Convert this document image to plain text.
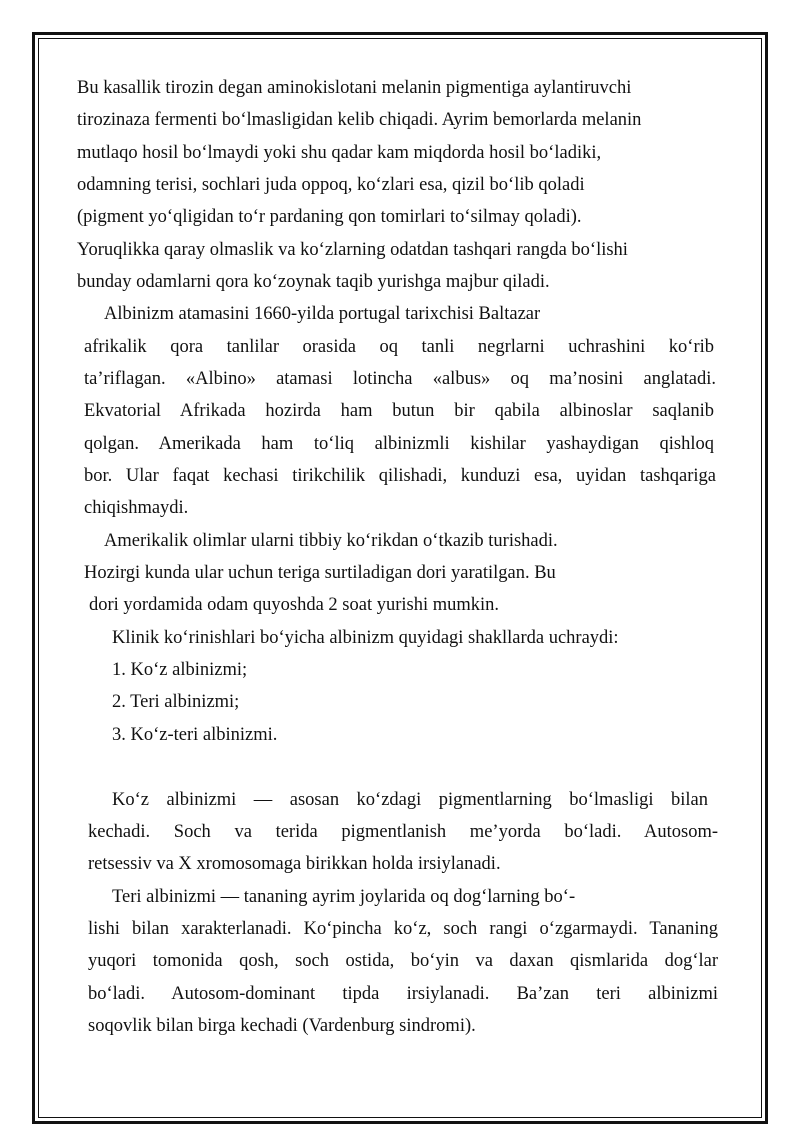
Bu kasallik tirozin degan aminokislotani melanin pigmentiga aylantiruvchi
tirozinaza fermenti bo‘lmasligidan kelib chiqadi. Ayrim bemorlarda melanin
mutlaqo hosil bo‘lmaydi yoki shu qadar kam miqdorda hosil bo‘ladiki,
odamning terisi, sochlari juda oppoq, ko‘zlari esa, qizil bo‘lib qoladi
(pigment yo‘qligidan to‘r pardaning qon tomirlari to‘silmay qoladi).
Yoruqlikka qaray olmaslik va ko‘zlarning odatdan tashqari rangda bo‘lishi
bunday odamlarni qora ko‘zoynak taqib yurishga majbur qiladi.
Albinizm atamasini 1660-yilda portugal tarixchisi Baltazar
afrikalik qora tanlilar orasida oq tanli negrlarni uchrashini ko‘rib
ta’riflagan. «Albino» atamasi lotincha «albus» oq ma’nosini anglatadi.
Ekvatorial Afrikada hozirda ham butun bir qabila albinoslar saqlanib
qolgan. Amerikada ham to‘liq albinizmli kishilar yashaydigan qishloq
bor. Ular faqat kechasi tirikchilik qilishadi, kunduzi esa, uyidan tashqariga
chiqishmaydi.
Amerikalik olimlar ularni tibbiy ko‘rikdan o‘tkazib turishadi.
Hozirgi kunda ular uchun teriga surtiladigan dori yaratilgan. Bu
dori yordamida odam quyoshda 2 soat yurishi mumkin.
Klinik ko‘rinishlari bo‘yicha albinizm quyidagi shakllarda uchraydi:
1. Ko‘z albinizmi;
2. Teri albinizmi;
3. Ko‘z-teri albinizmi.
Ko‘z albinizmi — asosan ko‘zdagi pigmentlarning bo‘lmasligi bilan
kechadi. Soch va terida pigmentlanish me’yorda bo‘ladi. Autosom-
retsessiv va X xromosomaga birikkan holda irsiylanadi.
Teri albinizmi — tananing ayrim joylarida oq dog‘larning bo‘-
lishi bilan xarakterlanadi. Ko‘pincha ko‘z, soch rangi o‘zgarmaydi. Tananing
yuqori tomonida qosh, soch ostida, bo‘yin va daxan qismlarida dog‘lar
bo‘ladi. Autosom-dominant tipda irsiylanadi. Ba’zan teri albinizmi
soqovlik bilan birga kechadi (Vardenburg sindromi).
